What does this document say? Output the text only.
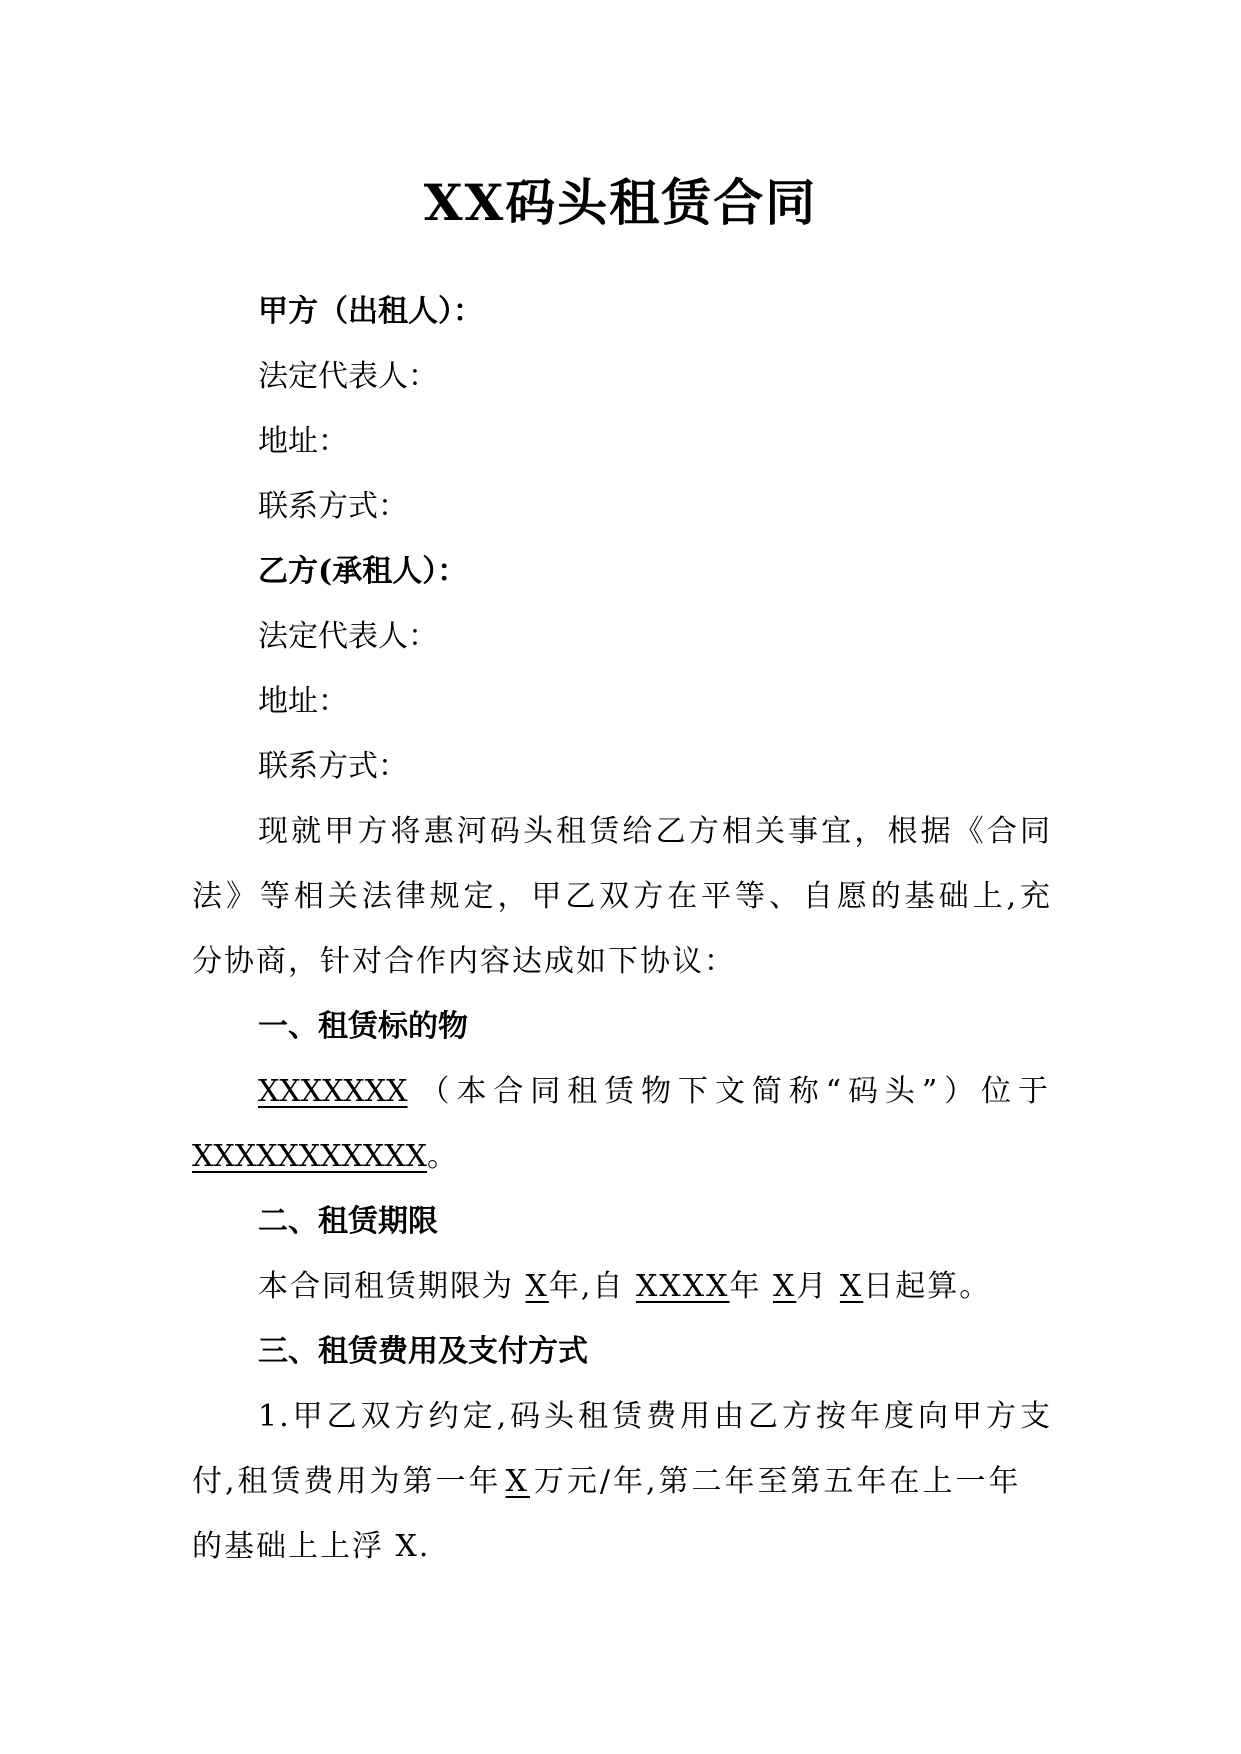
XX码头租赁合同
甲方（出租人）：
法定代表人：
地址：
联系方式：
乙方(承租人）：
法定代表人：
地址：
联系方式：
现就甲方将惠河码头租赁给乙方相关事宜，根据《合同
法》等相关法律规定，甲乙双方在平等、自愿的基础上,充
分协商，针对合作内容达成如下协议：
一、租赁标的物
XXXXXXX （本合同租赁物下文简称“码头”）位于
XXXXXXXXXXX。
二、租赁期限
本合同租赁期限为 X年,自 XXXX年 X月 X日起算。
三、租赁费用及支付方式
1.甲乙双方约定,码头租赁费用由乙方按年度向甲方支
付,租赁费用为第一年 X 万元/年,第二年至第五年在上一年
的基础上上浮 X.
